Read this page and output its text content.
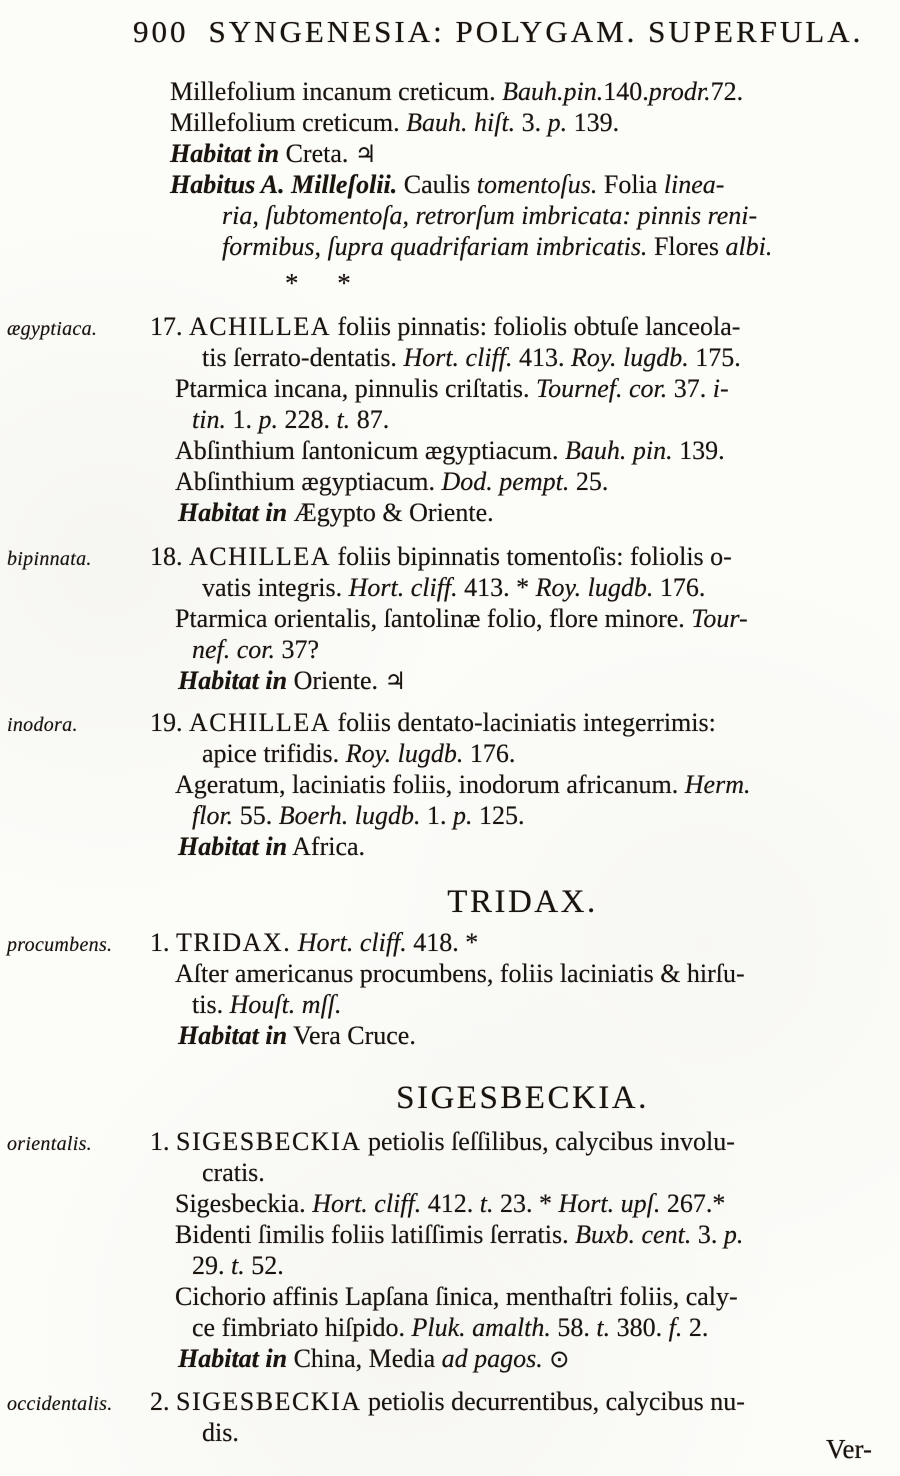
900 SYNGENESIA: POLYGAM. SUPERFULA.
Millefolium incanum creticum. Bauh.pin.140.prodr.72.
Millefolium creticum. Bauh. hiſt. 3. p. 139.
Habitat in Creta. ♃
Habitus A. Milleſolii. Caulis tomentoſus. Folia linea-
ria, ſubtomentoſa, retrorſum imbricata: pinnis reni-
formibus, ſupra quadrifariam imbricatis. Flores albi.
* *
ægyptiaca. 17. ACHILLEA foliis pinnatis: foliolis obtuſe lanceola-
tis ſerrato-dentatis. Hort. cliff. 413. Roy. lugdb. 175.
Ptarmica incana, pinnulis criſtatis. Tournef. cor. 37. i-
tin. 1. p. 228. t. 87.
Abſinthium ſantonicum ægyptiacum. Bauh. pin. 139.
Abſinthium ægyptiacum. Dod. pempt. 25.
Habitat in Ægypto & Oriente.
bipinnata. 18. ACHILLEA foliis bipinnatis tomentoſis: foliolis o-
vatis integris. Hort. cliff. 413. * Roy. lugdb. 176.
Ptarmica orientalis, ſantolinæ folio, flore minore. Tour-
nef. cor. 37?
Habitat in Oriente. ♃
inodora.	19. ACHILLEA foliis dentato-laciniatis integerrimis:
apice trifidis. Roy. lugdb. 176.
Ageratum, laciniatis foliis, inodorum africanum. Herm.
flor. 55. Boerh. lugdb. 1. p. 125.
Habitat in Africa.
TRIDAX.
procumbens. 1. TRIDAX. Hort. cliff. 418. *
Aſter americanus procumbens, foliis laciniatis & hirſu-
tis. Houſt. mſſ.
Habitat in Vera Cruce.
SIGESBECKIA.
orientalis. 1. SIGESBECKIA petiolis ſeſſilibus, calycibus involu-
cratis.
Sigesbeckia. Hort. cliff. 412. t. 23. * Hort. upſ. 267.*
Bidenti ſimilis foliis latiſſimis ſerratis. Buxb. cent. 3. p.
29. t. 52.
Cichorio affinis Lapſana ſinica, menthaſtri foliis, caly-
ce fimbriato hiſpido. Pluk. amalth. 58. t. 380. f. 2.
Habitat in China, Media ad pagos. ⊙
occidentalis. 2. SIGESBECKIA petiolis decurrentibus, calycibus nu-
dis.
Ver-
